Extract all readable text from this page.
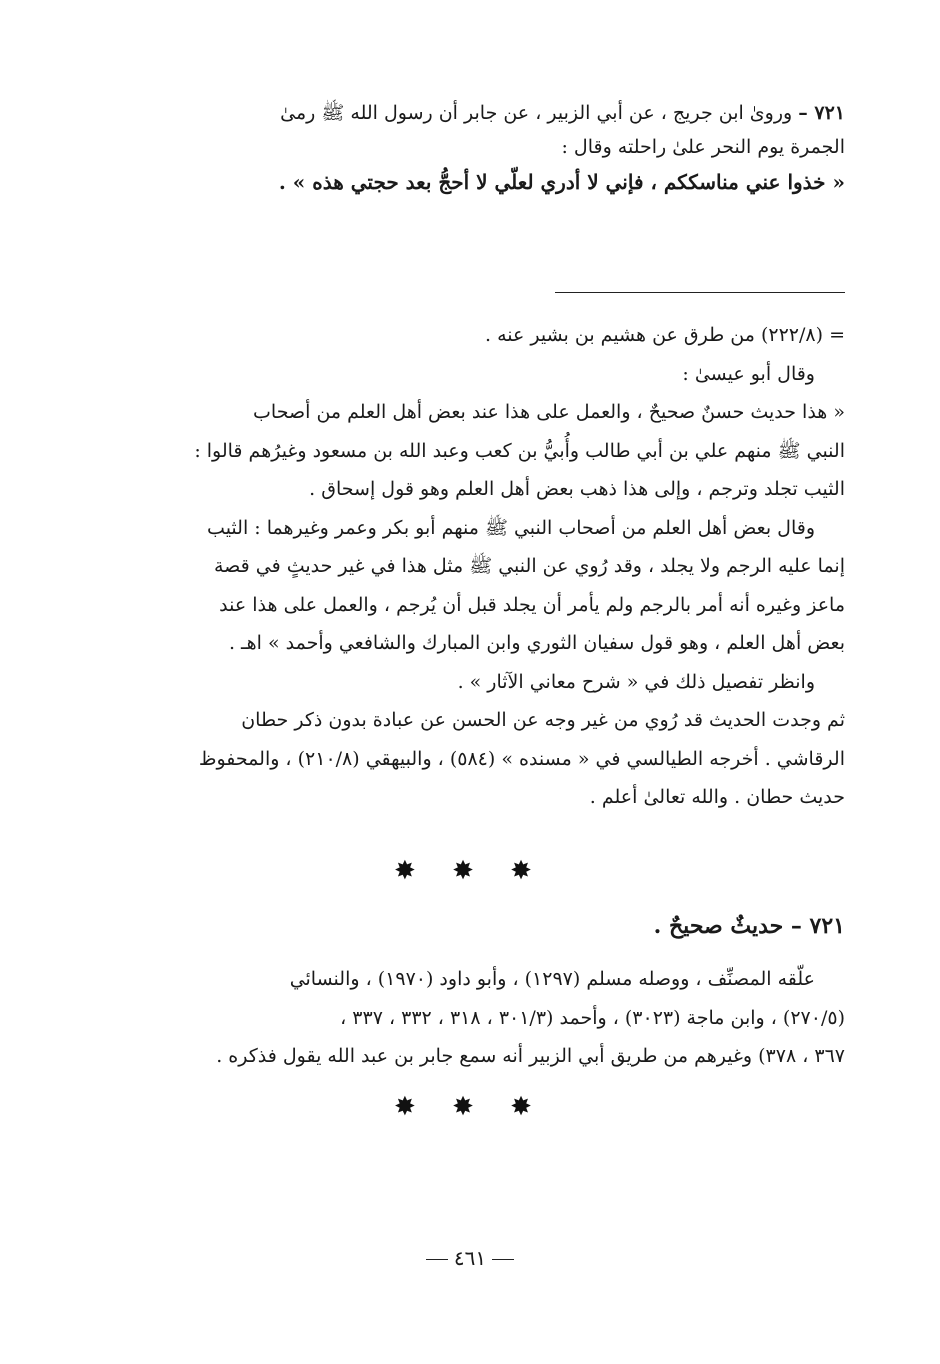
٧٢١ – وروىٰ ابن جريج ، عن أبي الزبير ، عن جابر أن رسول الله ﷺ رمىٰ
الجمرة يوم النحر علىٰ راحلته وقال :
« خذوا عني مناسككم ، فإني لا أدري لعلّي لا أحجُّ بعد حجتي هذه » .
= (٢٢٢/٨) من طرق عن هشيم بن بشير عنه .
وقال أبو عيسىٰ :
« هذا حديث حسنٌ صحيحٌ ، والعمل على هذا عند بعض أهل العلم من أصحاب
النبي ﷺ منهم علي بن أبي طالب وأُبيُّ بن كعب وعبد الله بن مسعود وغيرُهم قالوا :
الثيب تجلد وترجم ، وإلى هذا ذهب بعض أهل العلم وهو قول إسحاق .
وقال بعض أهل العلم من أصحاب النبي ﷺ منهم أبو بكر وعمر وغيرهما : الثيب
إنما عليه الرجم ولا يجلد ، وقد رُوي عن النبي ﷺ مثل هذا في غير حديثٍ في قصة
ماعز وغيره أنه أمر بالرجم ولم يأمر أن يجلد قبل أن يُرجم ، والعمل على هذا عند
بعض أهل العلم ، وهو قول سفيان الثوري وابن المبارك والشافعي وأحمد » اهـ .
وانظر تفصيل ذلك في « شرح معاني الآثار » .
ثم وجدت الحديث قد رُوي من غير وجه عن الحسن عن عبادة بدون ذكر حطان
الرقاشي . أخرجه الطيالسي في « مسنده » (٥٨٤) ، والبيهقي (٢١٠/٨) ، والمحفوظ
حديث حطان . والله تعالىٰ أعلم .
✸ ✸ ✸
٧٢١ – حديثٌ صحيحٌ .
علّقه المصنِّف ، ووصله مسلم (١٢٩٧) ، وأبو داود (١٩٧٠) ، والنسائي
(٢٧٠/٥) ، وابن ماجة (٣٠٢٣) ، وأحمد (٣٠١/٣ ، ٣١٨ ، ٣٣٢ ، ٣٣٧ ،
٣٦٧ ، ٣٧٨) وغيرهم من طريق أبي الزبير أنه سمع جابر بن عبد الله يقول فذكره .
✸ ✸ ✸
٤٦١
